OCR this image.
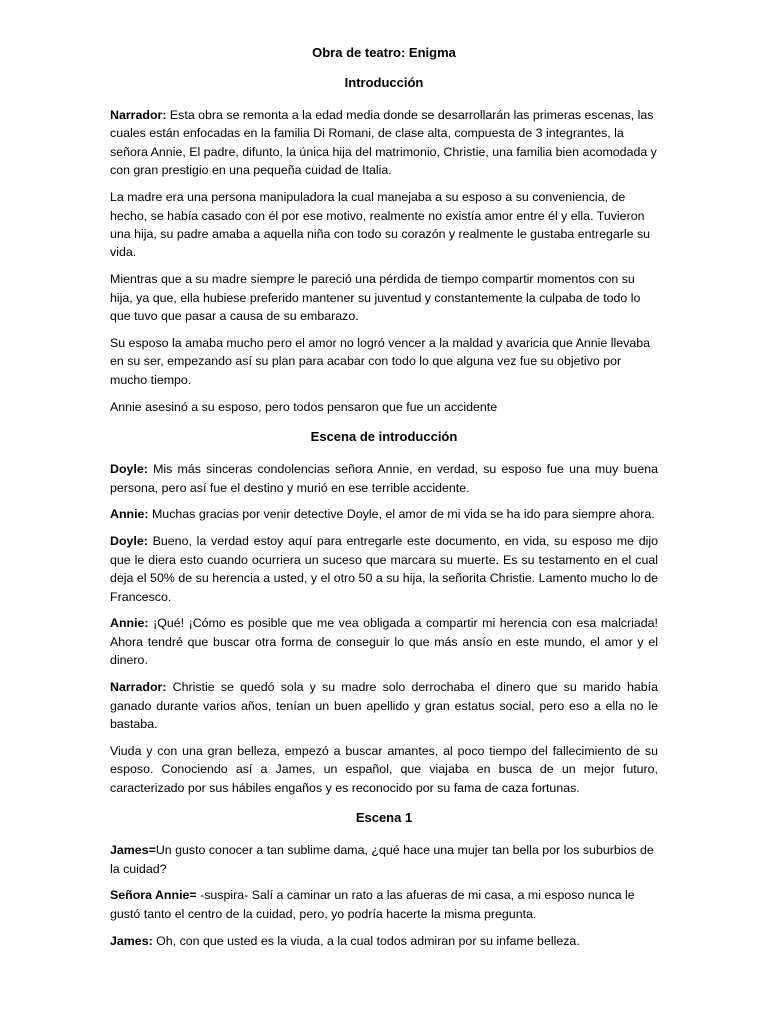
Obra de teatro: Enigma
Introducción

Narrador: Esta obra se remonta a la edad media donde se desarrollarán las primeras escenas, las cuales están enfocadas en la familia Di Romani, de clase alta, compuesta de 3 integrantes, la señora Annie, El padre, difunto, la única hija del matrimonio, Christie, una familia bien acomodada y con gran prestigio en una pequeña cuidad de Italia.

La madre era una persona manipuladora la cual manejaba a su esposo a su conveniencia, de hecho, se había casado con él por ese motivo, realmente no existía amor entre él y ella. Tuvieron una hija, su padre amaba a aquella niña con todo su corazón y realmente le gustaba entregarle su vida.

Mientras que a su madre siempre le pareció una pérdida de tiempo compartir momentos con su hija, ya que, ella hubiese preferido mantener su juventud y constantemente la culpaba de todo lo que tuvo que pasar a causa de su embarazo.

Su esposo la amaba mucho pero el amor no logró vencer a la maldad y avaricia que Annie llevaba en su ser, empezando así su plan para acabar con todo lo que alguna vez fue su objetivo por mucho tiempo.

Annie asesinó a su esposo, pero todos pensaron que fue un accidente

Escena de introducción

Doyle: Mis más sinceras condolencias señora Annie, en verdad, su esposo fue una muy buena persona, pero así fue el destino y murió en ese terrible accidente.

Annie: Muchas gracias por venir detective Doyle, el amor de mi vida se ha ido para siempre ahora.

Doyle: Bueno, la verdad estoy aquí para entregarle este documento, en vida, su esposo me dijo que le diera esto cuando ocurriera un suceso que marcara su muerte. Es su testamento en el cual deja el 50% de su herencia a usted, y el otro 50 a su hija, la señorita Christie. Lamento mucho lo de Francesco.

Annie: ¡Qué! ¡Cómo es posible que me vea obligada a compartir mi herencia con esa malcriada! Ahora tendré que buscar otra forma de conseguir lo que más ansío en este mundo, el amor y el dinero.

Narrador: Christie se quedó sola y su madre solo derrochaba el dinero que su marido había ganado durante varios años, tenían un buen apellido y gran estatus social, pero eso a ella no le bastaba.

Viuda y con una gran belleza, empezó a buscar amantes, al poco tiempo del fallecimiento de su esposo. Conociendo así a James, un español, que viajaba en busca de un mejor futuro, caracterizado por sus hábiles engaños y es reconocido por su fama de caza fortunas.

Escena 1

James=Un gusto conocer a tan sublime dama, ¿qué hace una mujer tan bella por los suburbios de la cuidad?

Señora Annie= -suspira- Salí a caminar un rato a las afueras de mi casa, a mi esposo nunca le gustó tanto el centro de la cuidad, pero, yo podría hacerte la misma pregunta.

James: Oh, con que usted es la viuda, a la cual todos admiran por su infame belleza.
